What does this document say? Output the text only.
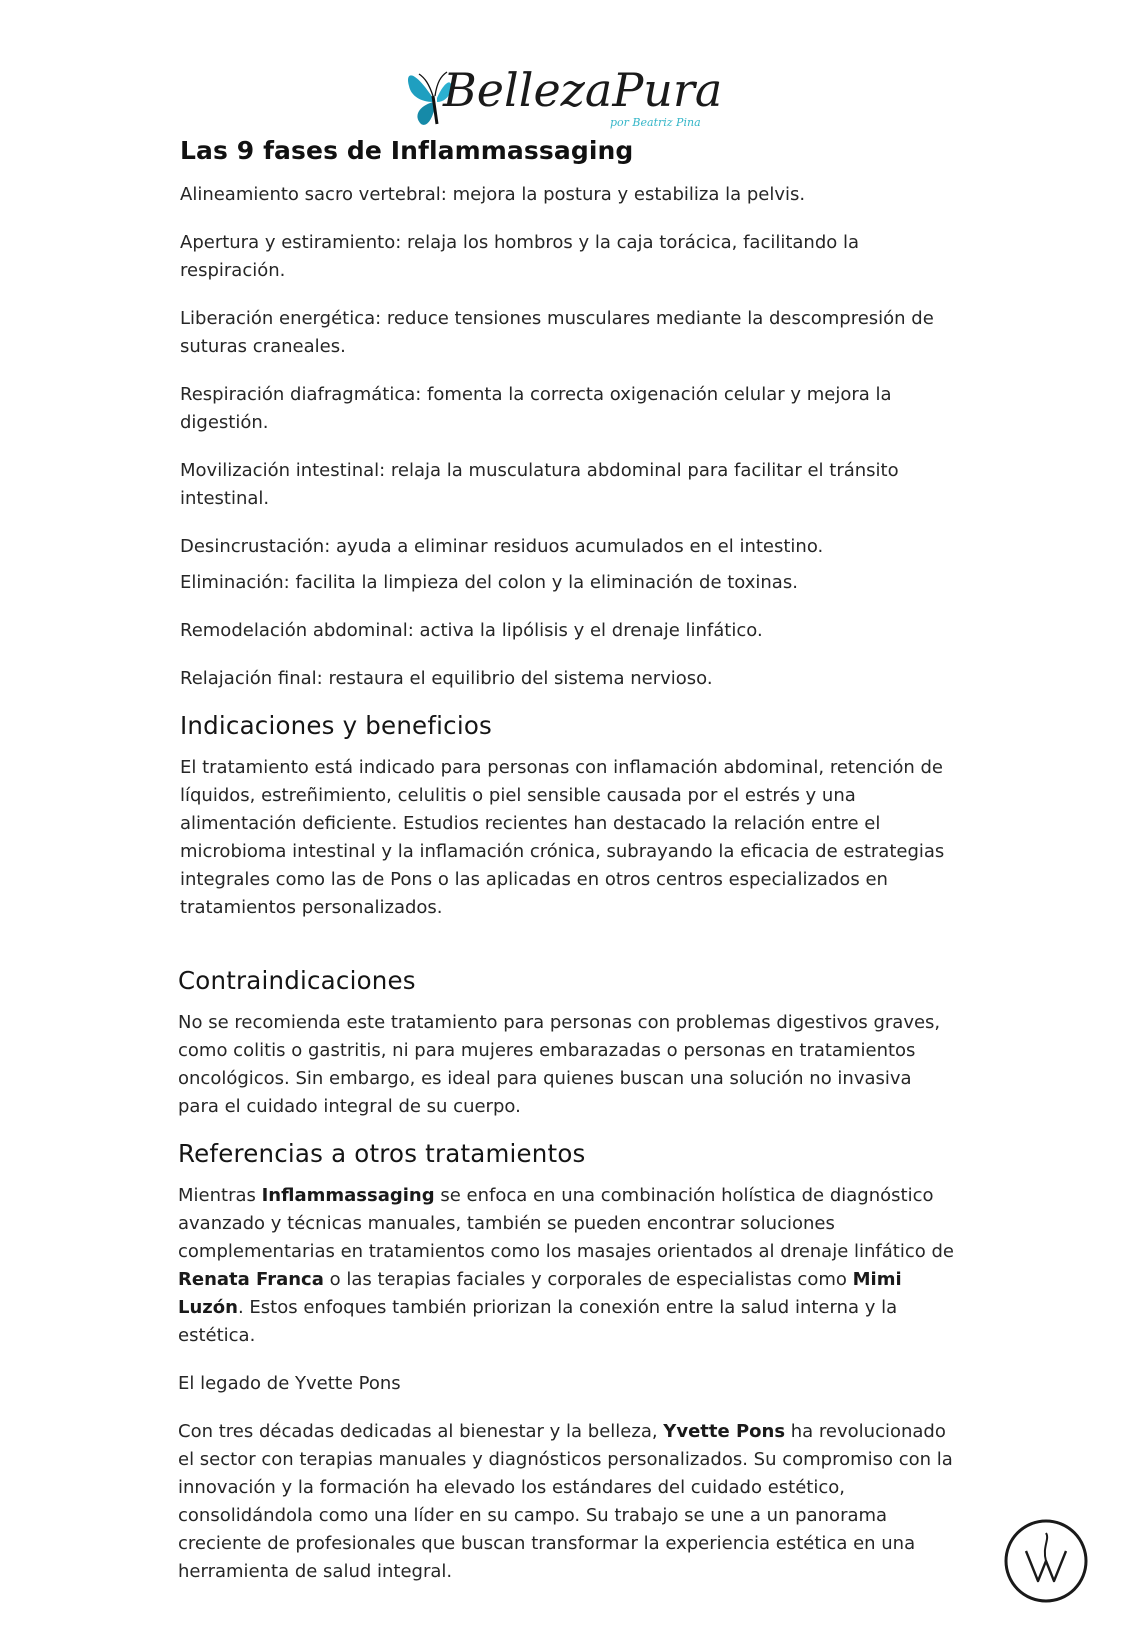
BellezaPura
por Beatriz Pina
Las 9 fases de Inflammassaging

Alineamiento sacro vertebral: mejora la postura y estabiliza la pelvis.

Apertura y estiramiento: relaja los hombros y la caja torácica, facilitando la respiración.

Liberación energética: reduce tensiones musculares mediante la descompresión de suturas craneales.

Respiración diafragmática: fomenta la correcta oxigenación celular y mejora la digestión.

Movilización intestinal: relaja la musculatura abdominal para facilitar el tránsito intestinal.

Desincrustación: ayuda a eliminar residuos acumulados en el intestino.

Eliminación: facilita la limpieza del colon y la eliminación de toxinas.

Remodelación abdominal: activa la lipólisis y el drenaje linfático.

Relajación final: restaura el equilibrio del sistema nervioso.

Indicaciones y beneficios

El tratamiento está indicado para personas con inflamación abdominal, retención de líquidos, estreñimiento, celulitis o piel sensible causada por el estrés y una alimentación deficiente. Estudios recientes han destacado la relación entre el microbioma intestinal y la inflamación crónica, subrayando la eficacia de estrategias integrales como las de Pons o las aplicadas en otros centros especializados en tratamientos personalizados.

Contraindicaciones

No se recomienda este tratamiento para personas con problemas digestivos graves, como colitis o gastritis, ni para mujeres embarazadas o personas en tratamientos oncológicos. Sin embargo, es ideal para quienes buscan una solución no invasiva para el cuidado integral de su cuerpo.

Referencias a otros tratamientos

Mientras Inflammassaging se enfoca en una combinación holística de diagnóstico avanzado y técnicas manuales, también se pueden encontrar soluciones complementarias en tratamientos como los masajes orientados al drenaje linfático de Renata Franca o las terapias faciales y corporales de especialistas como Mimi Luzón. Estos enfoques también priorizan la conexión entre la salud interna y la estética.

El legado de Yvette Pons

Con tres décadas dedicadas al bienestar y la belleza, Yvette Pons ha revolucionado el sector con terapias manuales y diagnósticos personalizados. Su compromiso con la innovación y la formación ha elevado los estándares del cuidado estético, consolidándola como una líder en su campo. Su trabajo se une a un panorama creciente de profesionales que buscan transformar la experiencia estética en una herramienta de salud integral.
